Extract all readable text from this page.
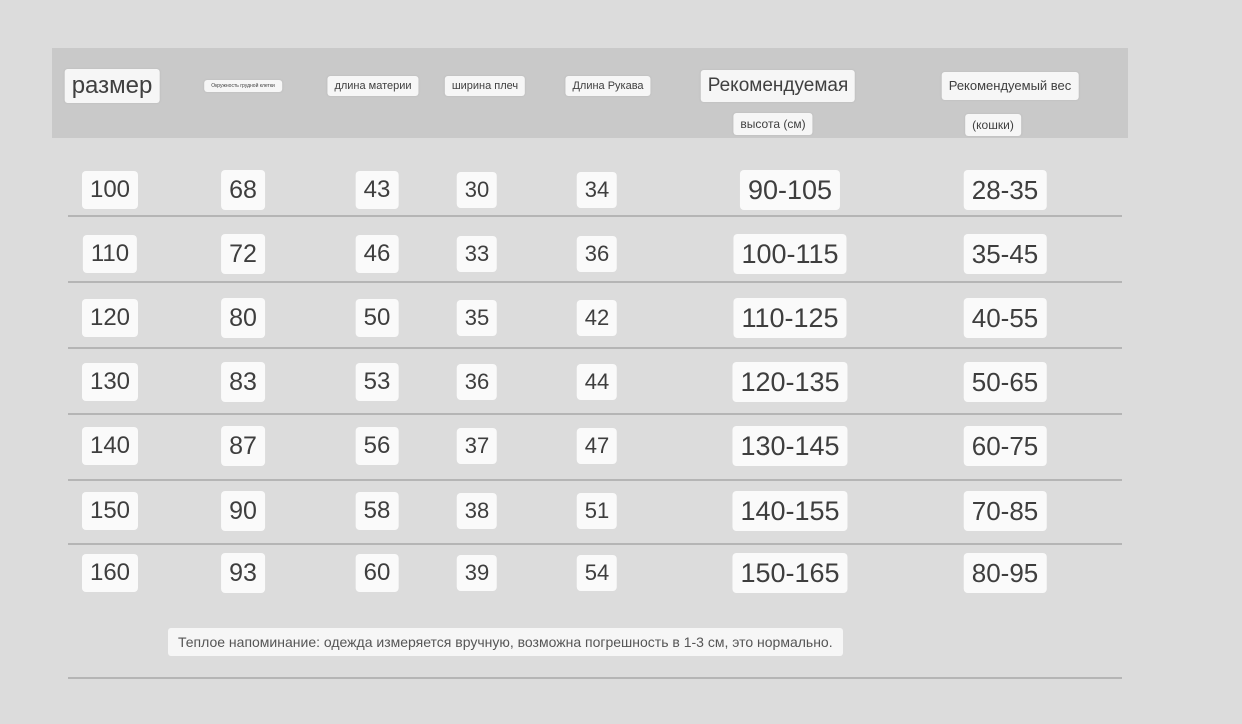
размер	Окружность грудной клетки	длина материи	ширина плеч	Длина Рукава	Рекомендуемая
высота (см)
Рекомендуемый вес
(кошки)
100	68	43	30	34	90-105	28-35
110	72	46	33	36	100-115	35-45
120	80	50	35	42	110-125	40-55
130	83	53	36	44	120-135	50-65
140	87	56	37	47	130-145	60-75
150	90	58	38	51	140-155	70-85
160	93	60	39	54	150-165	80-95
Теплое напоминание: одежда измеряется вручную, возможна погрешность в 1-3 см, это нормально.
